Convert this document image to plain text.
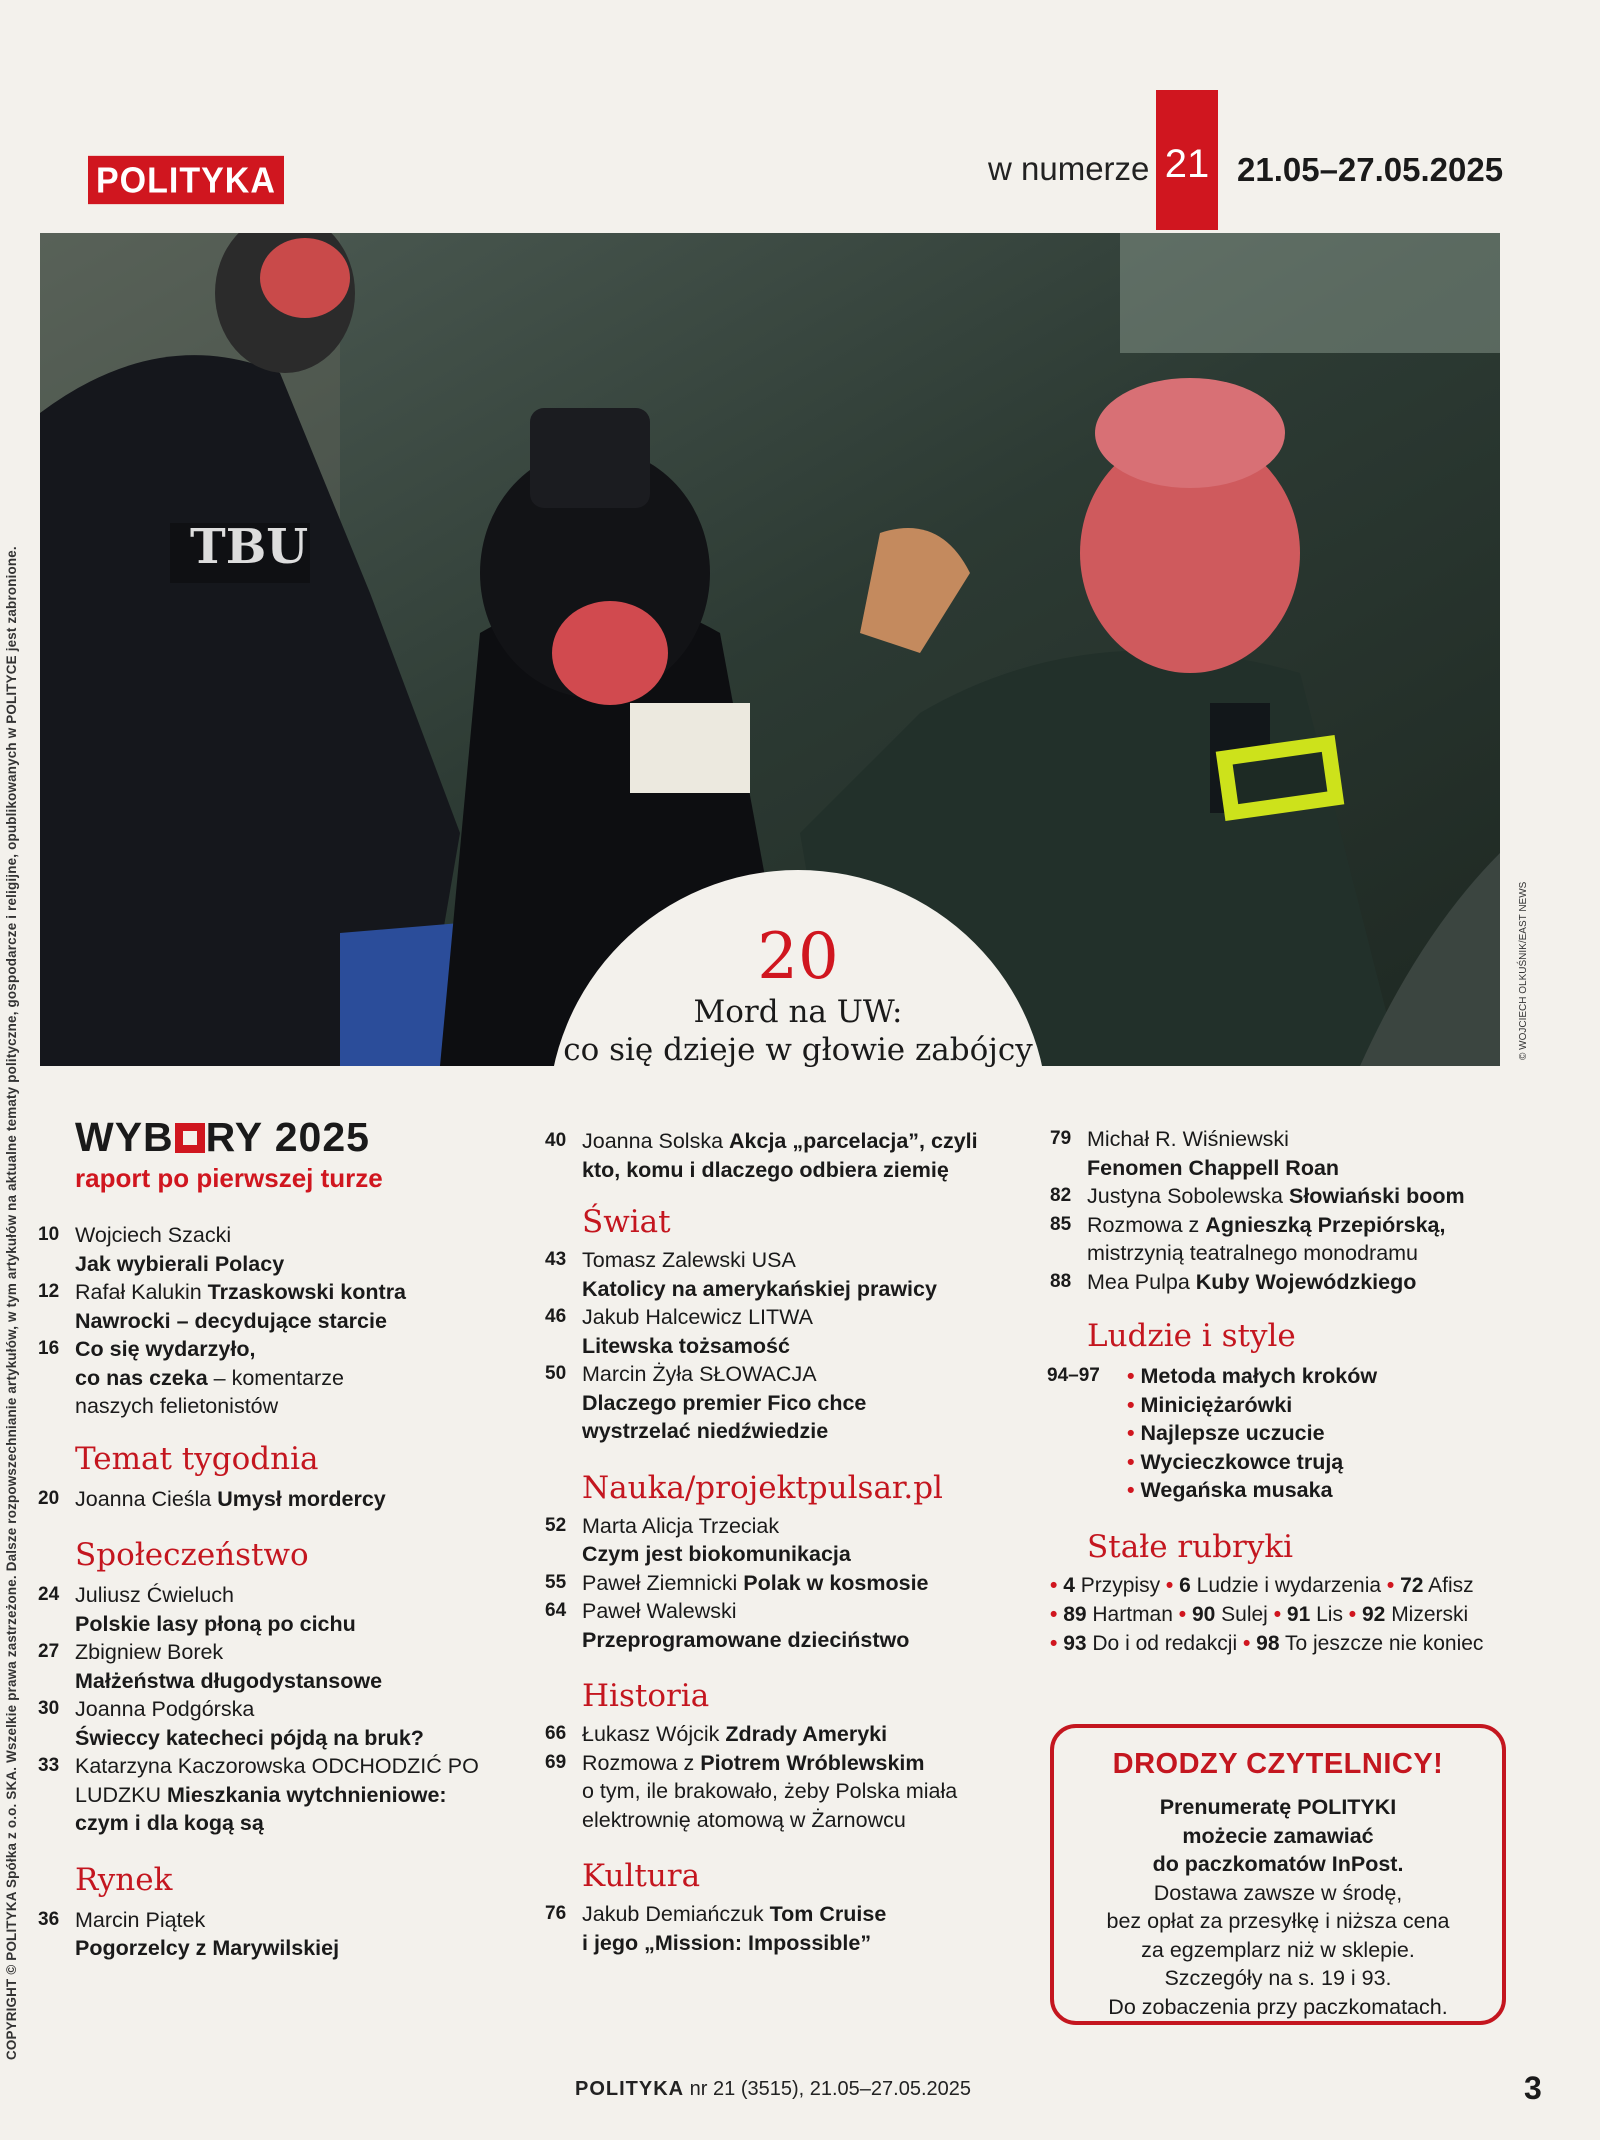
POLITYKA	w numerze 21 21.05–27.05.2025
COPYRIGHT © POLITYKA Spółka z o.o. SKA. Wszelkie prawa zastrzeżone. Dalsze rozpowszechnianie artykułów, w tym artykułów na aktualne tematy polityczne, gospodarcze i religijne, opublikowanych w POLITYCE jest zabronione.	TBU
© WOJCIECH OLKUŚNIK/EAST NEWS
20
Mord na UW:
co się dzieje w głowie zabójcy
WYB RY 2025
raport po pierwszej turze
10 Wojciech Szacki
Jak wybierali Polacy
12 Rafał Kalukin Trzaskowski kontra
Nawrocki – decydujące starcie
16 Co się wydarzyło,
co nas czeka – komentarze
naszych felietonistów
Temat tygodnia
20 Joanna Cieśla Umysł mordercy
Społeczeństwo
24 Juliusz Ćwieluch
Polskie lasy płoną po cichu
27 Zbigniew Borek
Małżeństwa długodystansowe
30 Joanna Podgórska
Świeccy katecheci pójdą na bruk?
33 Katarzyna Kaczorowska ODCHODZIĆ PO
LUDZKU Mieszkania wytchnieniowe:
czym i dla kogą są
Rynek
36 Marcin Piątek
Pogorzelcy z Marywilskiej
40 Joanna Solska Akcja „parcelacja”, czyli
kto, komu i dlaczego odbiera ziemię
Świat
43 Tomasz Zalewski USA
Katolicy na amerykańskiej prawicy
46 Jakub Halcewicz LITWA
Litewska tożsamość
50 Marcin Żyła SŁOWACJA
Dlaczego premier Fico chce
wystrzelać niedźwiedzie
Nauka/projektpulsar.pl
52 Marta Alicja Trzeciak
Czym jest biokomunikacja
55 Paweł Ziemnicki Polak w kosmosie
64 Paweł Walewski
Przeprogramowane dzieciństwo
Historia
66 Łukasz Wójcik Zdrady Ameryki
69 Rozmowa z Piotrem Wróblewskim
o tym, ile brakowało, żeby Polska miała
elektrownię atomową w Żarnowcu
Kultura
76 Jakub Demiańczuk Tom Cruise
i jego „Mission: Impossible”
79 Michał R. Wiśniewski
Fenomen Chappell Roan
82 Justyna Sobolewska Słowiański boom
85 Rozmowa z Agnieszką Przepiórską,
mistrzynią teatralnego monodramu
88 Mea Pulpa Kuby Wojewódzkiego
Ludzie i style
94–97 • Metoda małych kroków
• Miniciężarówki
• Najlepsze uczucie
• Wycieczkowce trują
• Wegańska musaka
Stałe rubryki
• 4 Przypisy • 6 Ludzie i wydarzenia • 72 Afisz
• 89 Hartman • 90 Sulej • 91 Lis • 92 Mizerski
• 93 Do i od redakcji • 98 To jeszcze nie koniec
DRODZY CZYTELNICY!
Prenumeratę POLITYKI
możecie zamawiać
do paczkomatów InPost.
Dostawa zawsze w środę,
bez opłat za przesyłkę i niższa cena
za egzemplarz niż w sklepie.
Szczegóły na s. 19 i 93.
Do zobaczenia przy paczkomatach.
POLITYKA nr 21 (3515), 21.05–27.05.2025	3
